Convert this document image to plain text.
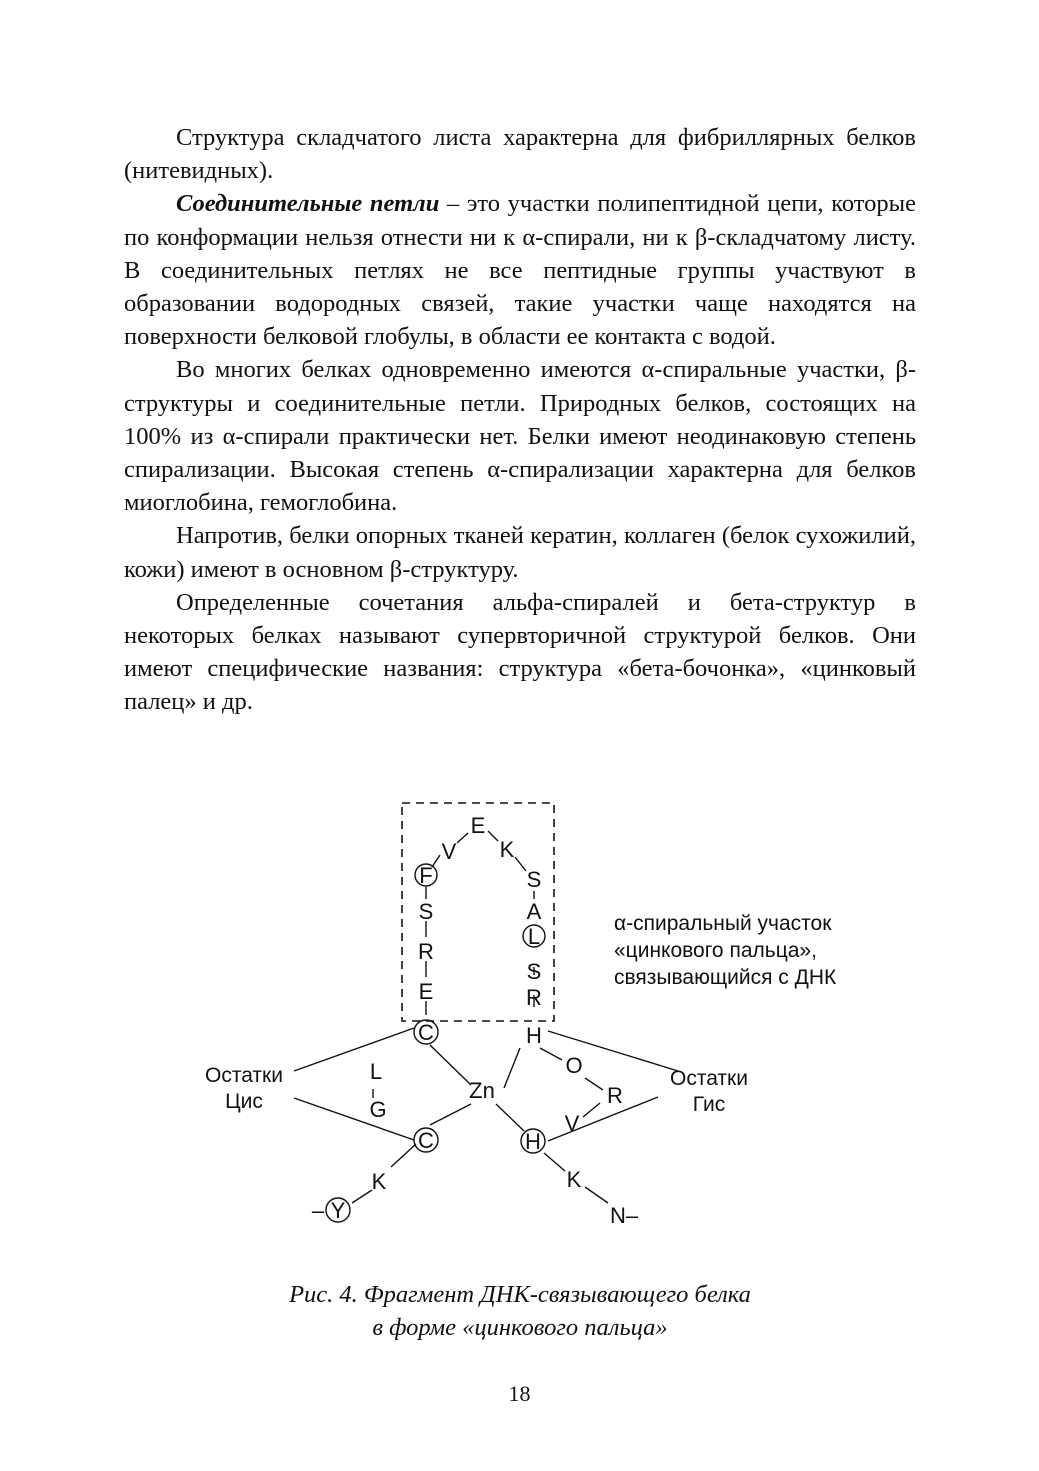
Структура складчатого листа характерна для фибриллярных белков (нитевидных).

Соединительные петли – это участки полипептидной цепи, которые по конформации нельзя отнести ни к α-спирали, ни к β-складчатому листу. В соединительных петлях не все пептидные группы участвуют в образовании водородных связей, такие участки чаще находятся на поверхности белковой глобулы, в области ее контакта с водой.

Во многих белках одновременно имеются α-спиральные участки, β-структуры и соединительные петли. Природных белков, состоящих на 100% из α-спирали практически нет. Белки имеют неодинаковую степень спирализации. Высокая степень α-спирализации характерна для белков миоглобина, гемоглобина.

Напротив, белки опорных тканей кератин, коллаген (белок сухожилий, кожи) имеют в основном β-структуру.

Определенные сочетания альфа-спиралей и бета-структур в некоторых белках называют супервторичной структурой белков. Они имеют специфические названия: структура «бета-бочонка», «цинковый палец» и др.

F
S
R
E
V
E
K
S
A
L
S
R
H
C
Zn
L
G
O
R
V
C	H
K
Y
–
K
N–
α-спиральный участок
«цинкового пальца»,
связывающийся с ДНК
Остатки
Цис
Остатки
Гис
Рис. 4. Фрагмент ДНК-связывающего белка
в форме «цинкового пальца»
18
